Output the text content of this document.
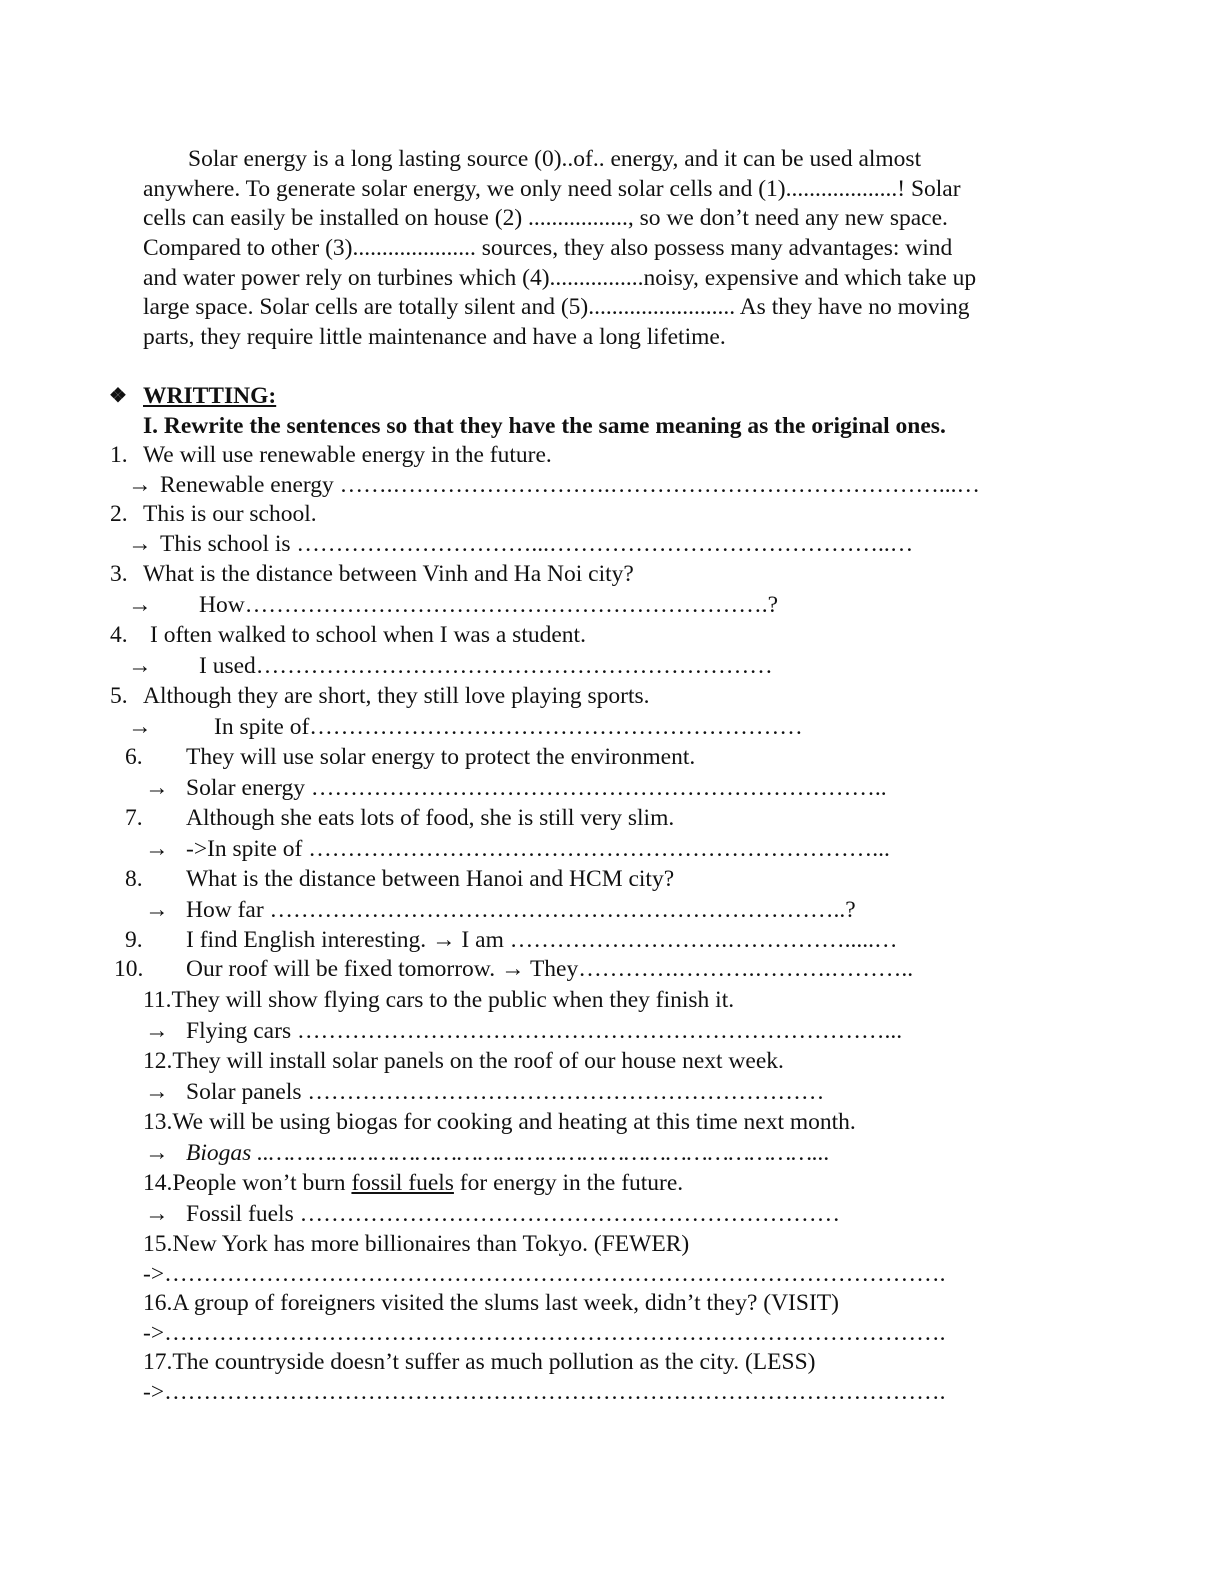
Solar energy is a long lasting source (0)..of.. energy, and it can be used almost
anywhere. To generate solar energy, we only need solar cells and (1)...................! Solar
cells can easily be installed on house (2) ................., so we don’t need any new space.
Compared to other (3)..................... sources, they also possess many advantages: wind
and water power rely on turbines which (4)................noisy, expensive and which take up
large space. Solar cells are totally silent and (5)......................... As they have no moving
parts, they require little maintenance and have a long lifetime.
❖ WRITTING:
I. Rewrite the sentences so that they have the same meaning as the original ones.
1. We will use renewable energy in the future.
→ Renewable energy …….……………………….……………………………………...…
2. This is our school.
→ This school is …………………………...……………………………………..…
3. What is the distance between Vinh and Ha Noi city?
→ How………………………………………………………….?
4. I often walked to school when I was a student.
→ I used…………………………………………………………
5. Although they are short, they still love playing sports.
→	In spite of………………………………………………………
6. They will use solar energy to protect the environment.
→ Solar energy ………………………………………………………………..
7. Although she eats lots of food, she is still very slim.
→ ->In spite of ………………………………………………………………...
8. What is the distance between Hanoi and HCM city?
→ How far ………………………………………………………………..?
9. I find English interesting. → I am ……………………….…………….....…
10. Our roof will be fixed tomorrow. → They………….……….……….………..
11.They will show flying cars to the public when they finish it.
→ Flying cars …………………………………………………………………...
12.They will install solar panels on the roof of our house next week.
→ Solar panels …………………………………………………………
13.We will be using biogas for cooking and heating at this time next month.
→ Biogas ..……………………………………………………………………...
14.People won’t burn fossil fuels for energy in the future.
→ Fossil fuels ……………………………………………………………
15.New York has more billionaires than Tokyo. (FEWER)
->……………………………………………………………………………………….
16.A group of foreigners visited the slums last week, didn’t they? (VISIT)
->……………………………………………………………………………………….
17.The countryside doesn’t suffer as much pollution as the city. (LESS)
->……………………………………………………………………………………….
